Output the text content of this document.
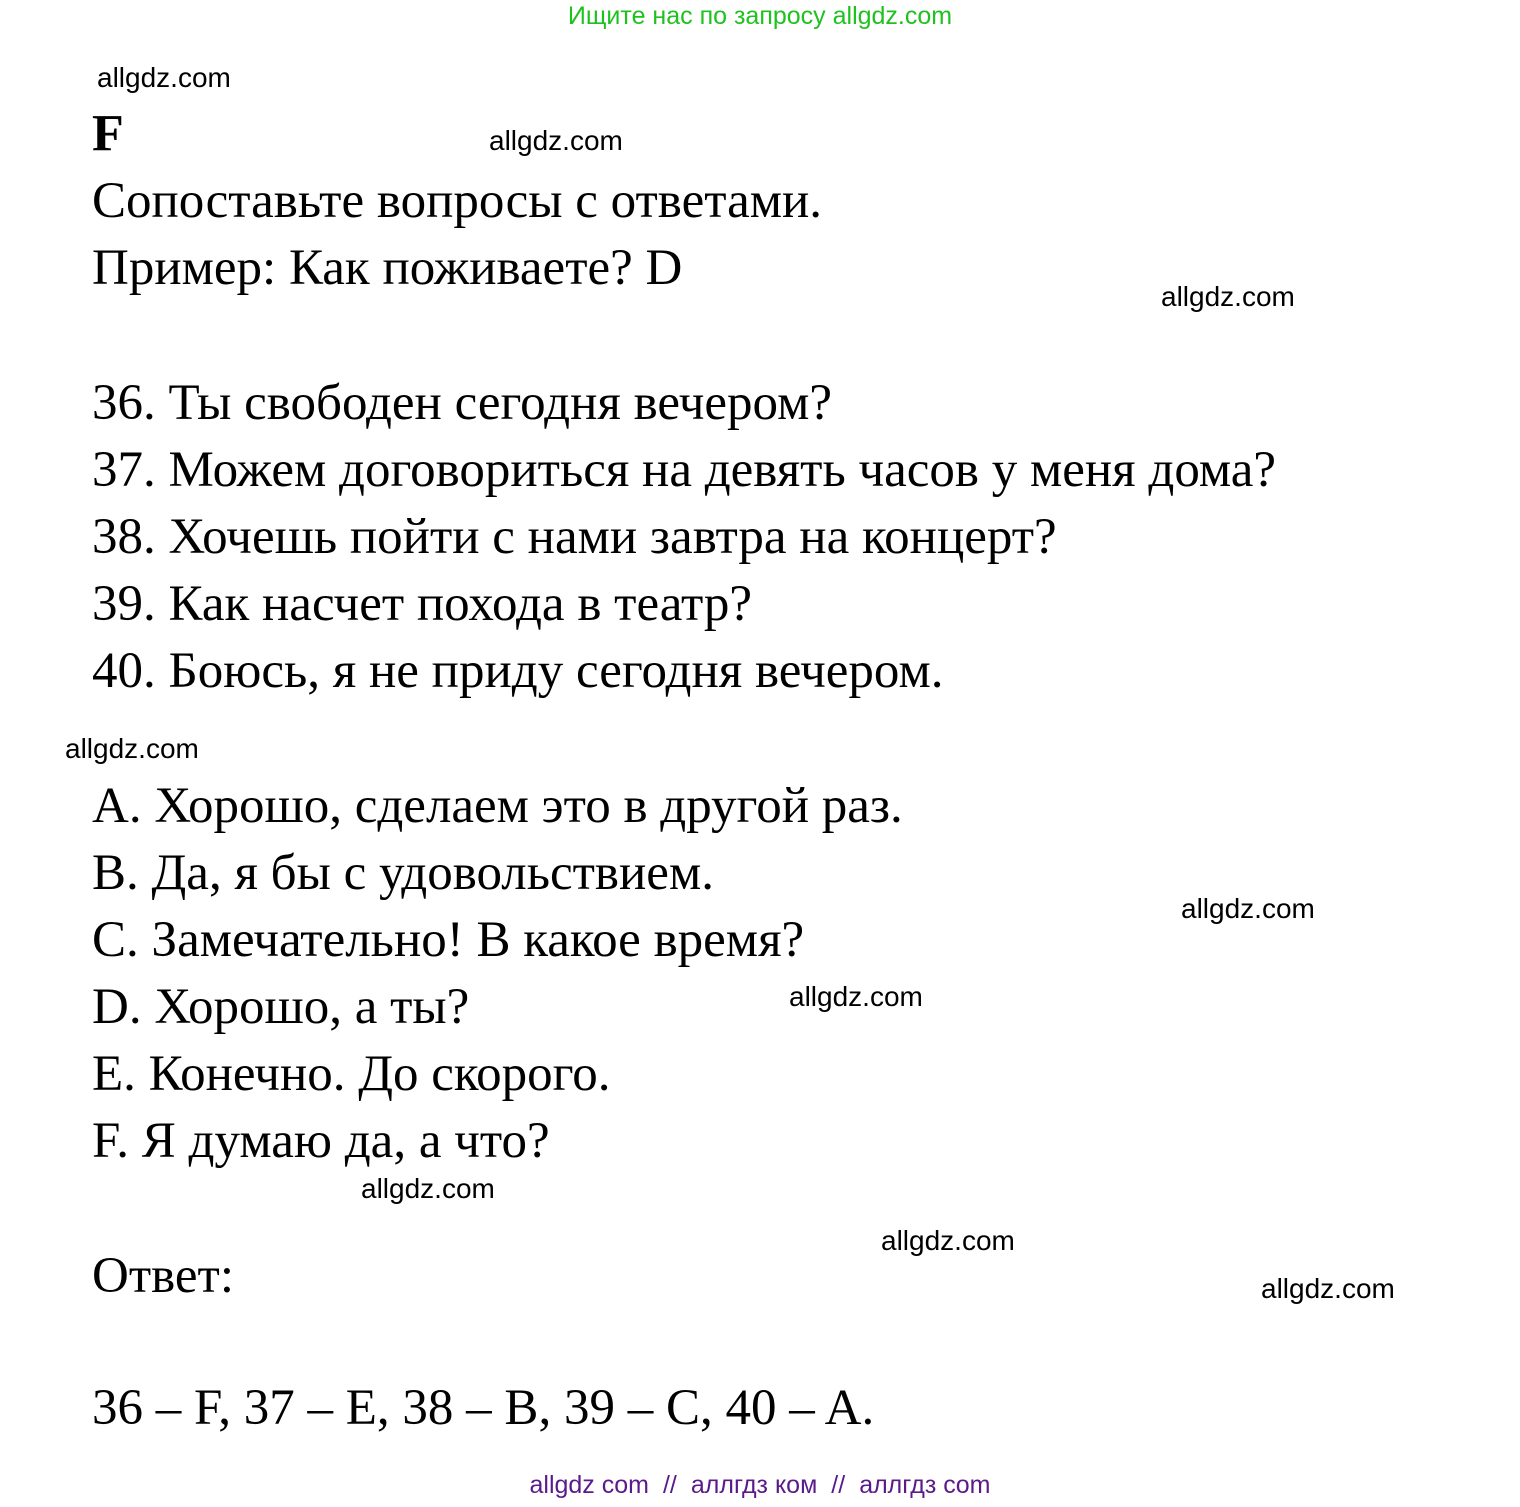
Ищите нас по запросу allgdz.com
allgdz.com
allgdz.com
allgdz.com
allgdz.com
allgdz.com
allgdz.com
allgdz.com
allgdz.com
allgdz.com
F
Сопоставьте вопросы с ответами.
Пример: Как поживаете? D
36. Ты свободен сегодня вечером?
37. Можем договориться на девять часов у меня дома?
38. Хочешь пойти с нами завтра на концерт?
39. Как насчет похода в театр?
40. Боюсь, я не приду сегодня вечером.
A. Хорошо, сделаем это в другой раз.
B. Да, я бы с удовольствием.
C. Замечательно! В какое время?
D. Хорошо, а ты?
E. Конечно. До скорого.
F. Я думаю да, а что?
Ответ:
36 – F, 37 – E, 38 – B, 39 – C, 40 – A.
allgdz com // аллгдз ком // аллгдз com
